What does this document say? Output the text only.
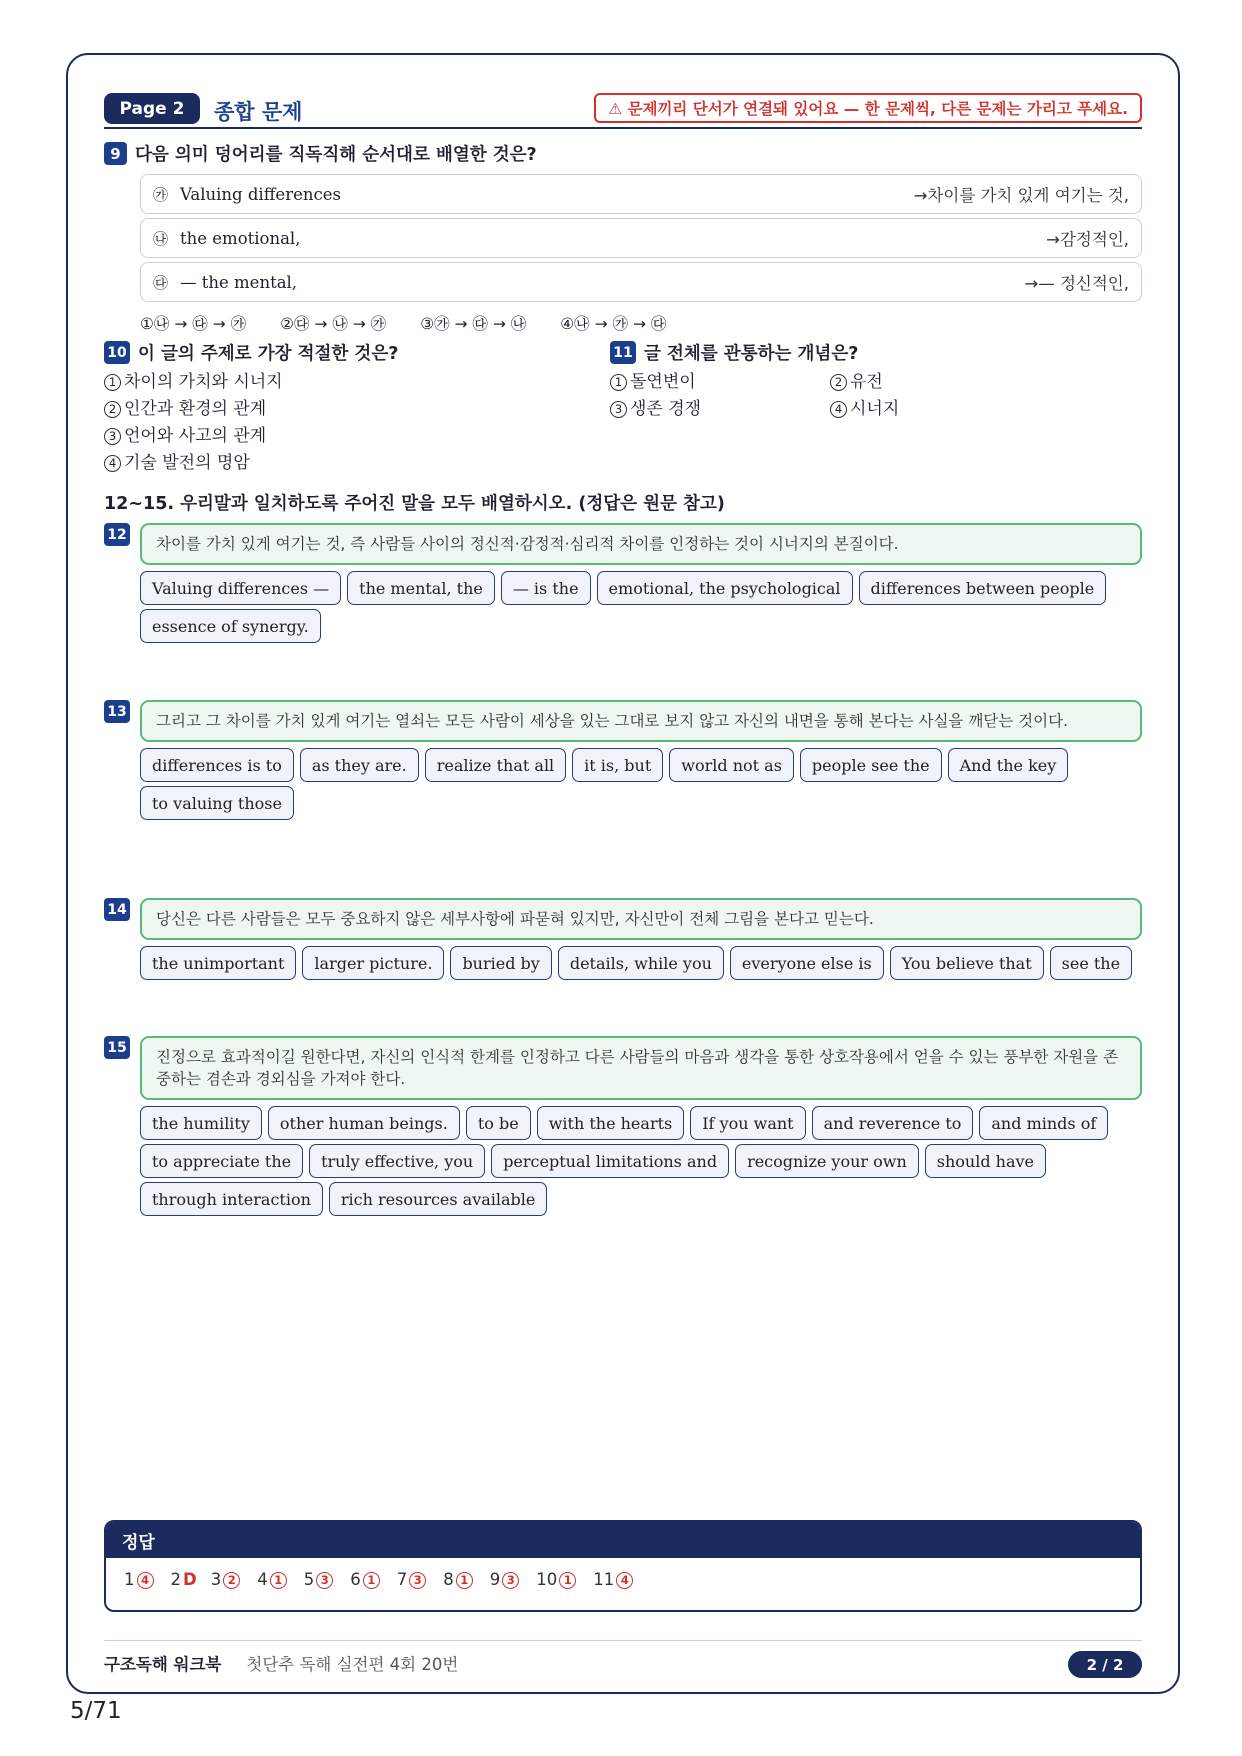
Page 2	종합 문제	⚠ 문제끼리 단서가 연결돼 있어요 — 한 문제씩, 다른 문제는 가리고 푸세요.
9 다음 의미 덩어리를 직독직해 순서대로 배열한 것은?
㉮ Valuing differences	→차이를 가치 있게 여기는 것,
㉯ the emotional,	→감정적인,
㉰ — the mental,	→— 정신적인,
①㉯ → ㉰ → ㉮ ②㉰ → ㉯ → ㉮ ③㉮ → ㉰ → ㉯ ④㉯ → ㉮ → ㉰
10 이 글의 주제로 가장 적절한 것은?
1 차이의 가치와 시너지
2 인간과 환경의 관계
3 언어와 사고의 관계
4 기술 발전의 명암
11 글 전체를 관통하는 개념은?
1 돌연변이	2 유전
3 생존 경쟁	4 시너지
12~15. 우리말과 일치하도록 주어진 말을 모두 배열하시오. (정답은 원문 참고)
12
차이를 가치 있게 여기는 것, 즉 사람들 사이의 정신적·감정적·심리적 차이를 인정하는 것이 시너지의 본질이다.
Valuing differences —	the mental, the	— is the	emotional, the psychological	differences between people
essence of synergy.
13
그리고 그 차이를 가치 있게 여기는 열쇠는 모든 사람이 세상을 있는 그대로 보지 않고 자신의 내면을 통해 본다는 사실을 깨닫는 것이다.
differences is to	as they are.	realize that all	it is, but	world not as	people see the	And the key
to valuing those
14
당신은 다른 사람들은 모두 중요하지 않은 세부사항에 파묻혀 있지만, 자신만이 전체 그림을 본다고 믿는다.
the unimportant	larger picture.	buried by	details, while you	everyone else is	You believe that	see the
15
진정으로 효과적이길 원한다면, 자신의 인식적 한계를 인정하고 다른 사람들의 마음과 생각을 통한 상호작용에서 얻을 수 있는 풍부한 자원을 존중하는 겸손과 경외심을 가져야 한다.
the humility	other human beings.	to be	with the hearts	If you want	and reverence to	and minds of
to appreciate the	truly effective, you	perceptual limitations and	recognize your own	should have
through interaction	rich resources available
정답
1 4	2 D 3 2	4 1	5 3	6 1	7 3	8 1	9 3	10 1	11 4
구조독해 워크북 첫단추 독해 실전편 4회 20번	2 / 2
5/71
